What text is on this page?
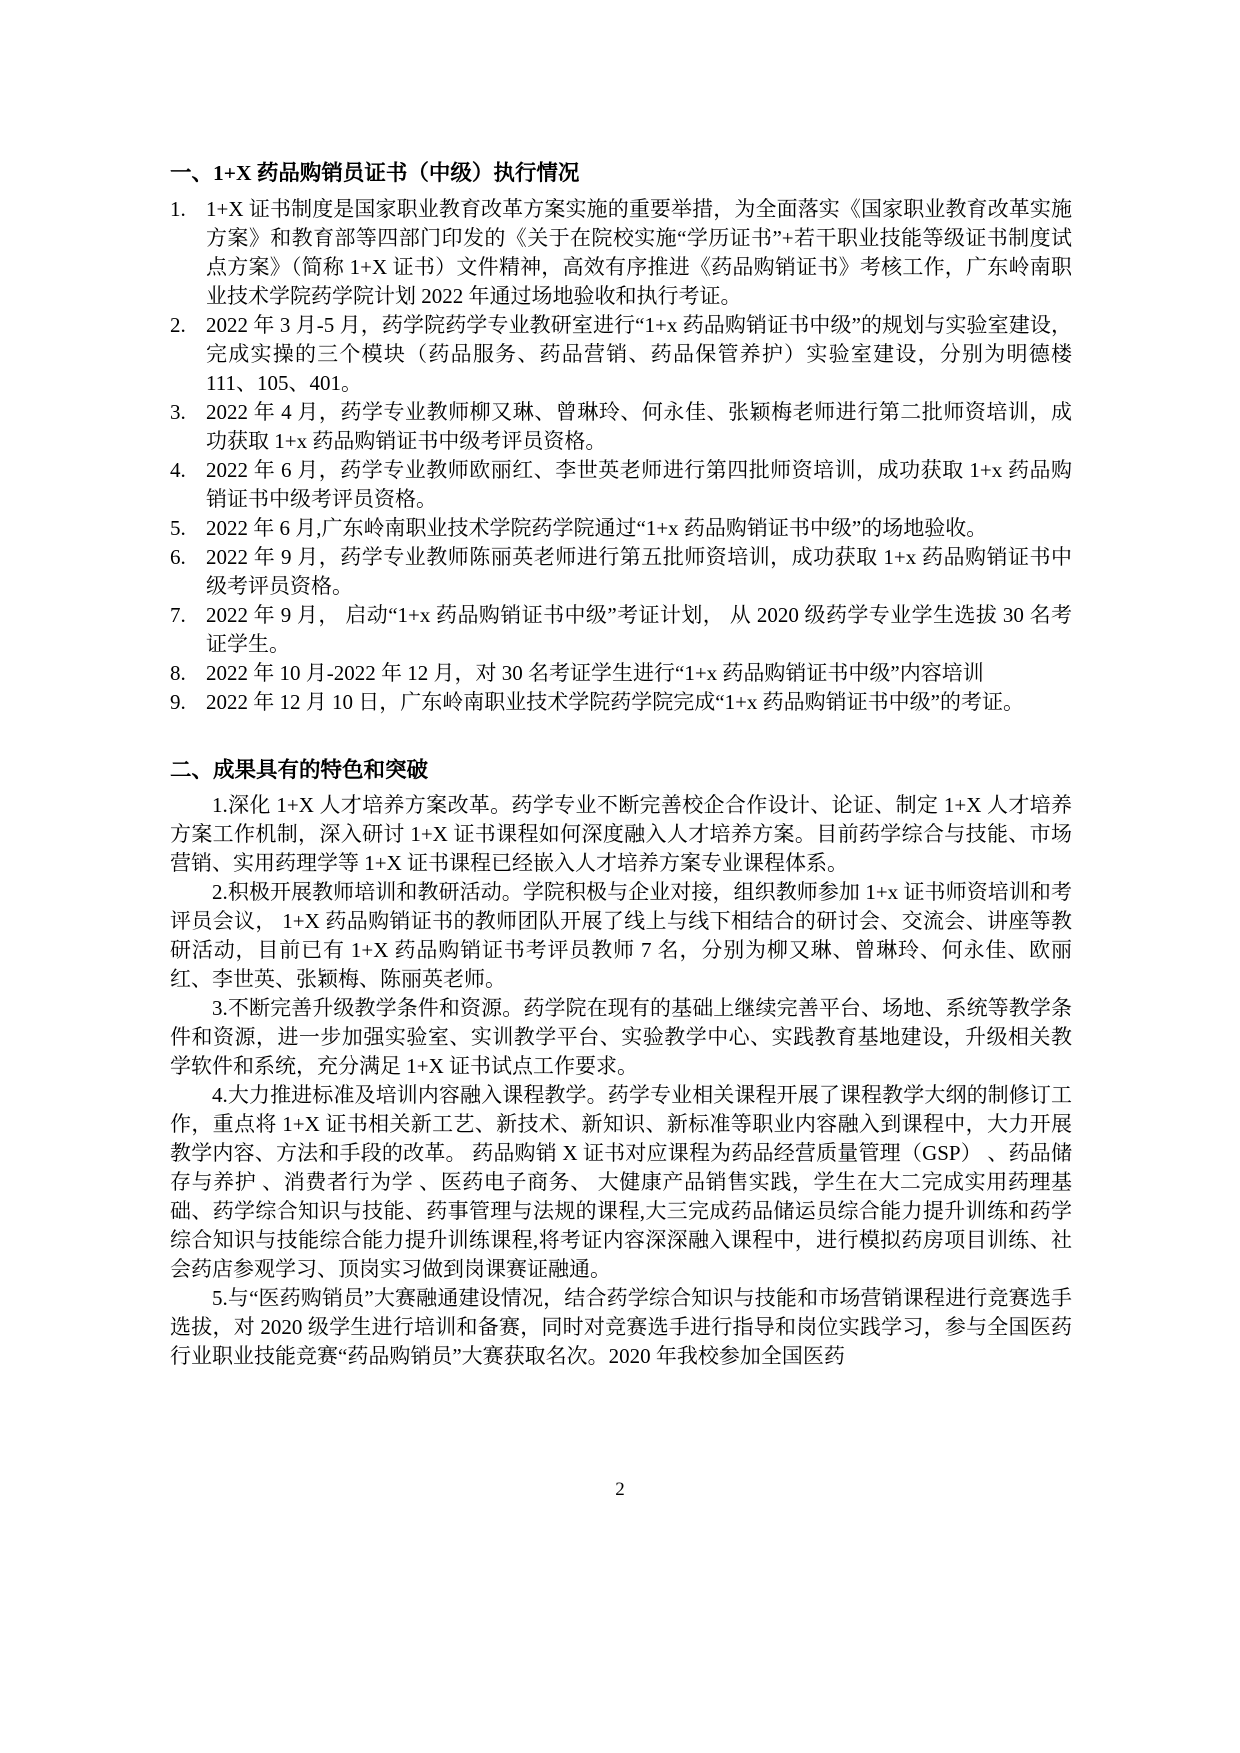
一、1+X 药品购销员证书（中级）执行情况
1. 1+X 证书制度是国家职业教育改革方案实施的重要举措，为全面落实《国家职业教育改革实施方案》和教育部等四部门印发的《关于在院校实施“学历证书”+若干职业技能等级证书制度试点方案》（简称 1+X 证书）文件精神，高效有序推进《药品购销证书》考核工作，广东岭南职业技术学院药学院计划 2022 年通过场地验收和执行考证。
2. 2022 年 3 月-5 月，药学院药学专业教研室进行“1+x 药品购销证书中级”的规划与实验室建设，完成实操的三个模块（药品服务、药品营销、药品保管养护）实验室建设，分别为明德楼 111、105、401。
3. 2022 年 4 月，药学专业教师柳又琳、曾琳玲、何永佳、张颖梅老师进行第二批师资培训，成功获取 1+x 药品购销证书中级考评员资格。
4. 2022 年 6 月，药学专业教师欧丽红、李世英老师进行第四批师资培训，成功获取 1+x 药品购销证书中级考评员资格。
5. 2022 年 6 月,广东岭南职业技术学院药学院通过“1+x 药品购销证书中级”的场地验收。
6. 2022 年 9 月，药学专业教师陈丽英老师进行第五批师资培训，成功获取 1+x 药品购销证书中级考评员资格。
7. 2022 年 9 月， 启动“1+x 药品购销证书中级”考证计划， 从 2020 级药学专业学生选拔 30 名考证学生。
8. 2022 年 10 月-2022 年 12 月，对 30 名考证学生进行“1+x 药品购销证书中级”内容培训
9. 2022 年 12 月 10 日，广东岭南职业技术学院药学院完成“1+x 药品购销证书中级”的考证。
二、成果具有的特色和突破

1.深化 1+X 人才培养方案改革。药学专业不断完善校企合作设计、论证、制定 1+X 人才培养方案工作机制，深入研讨 1+X 证书课程如何深度融入人才培养方案。目前药学综合与技能、市场营销、实用药理学等 1+X 证书课程已经嵌入人才培养方案专业课程体系。

2.积极开展教师培训和教研活动。学院积极与企业对接，组织教师参加 1+x 证书师资培训和考评员会议， 1+X 药品购销证书的教师团队开展了线上与线下相结合的研讨会、交流会、讲座等教研活动，目前已有 1+X 药品购销证书考评员教师 7 名，分别为柳又琳、曾琳玲、何永佳、欧丽红、李世英、张颖梅、陈丽英老师。

3.不断完善升级教学条件和资源。药学院在现有的基础上继续完善平台、场地、系统等教学条件和资源，进一步加强实验室、实训教学平台、实验教学中心、实践教育基地建设，升级相关教学软件和系统，充分满足 1+X 证书试点工作要求。

4.大力推进标准及培训内容融入课程教学。药学专业相关课程开展了课程教学大纲的制修订工作，重点将 1+X 证书相关新工艺、新技术、新知识、新标准等职业内容融入到课程中，大力开展教学内容、方法和手段的改革。 药品购销 X 证书对应课程为药品经营质量管理（GSP） 、药品储存与养护 、消费者行为学 、医药电子商务、 大健康产品销售实践，学生在大二完成实用药理基础、药学综合知识与技能、药事管理与法规的课程,大三完成药品储运员综合能力提升训练和药学综合知识与技能综合能力提升训练课程,将考证内容深深融入课程中，进行模拟药房项目训练、社会药店参观学习、顶岗实习做到岗课赛证融通。

5.与“医药购销员”大赛融通建设情况，结合药学综合知识与技能和市场营销课程进行竞赛选手选拔，对 2020 级学生进行培训和备赛，同时对竞赛选手进行指导和岗位实践学习，参与全国医药行业职业技能竞赛“药品购销员”大赛获取名次。2020 年我校参加全国医药

2
